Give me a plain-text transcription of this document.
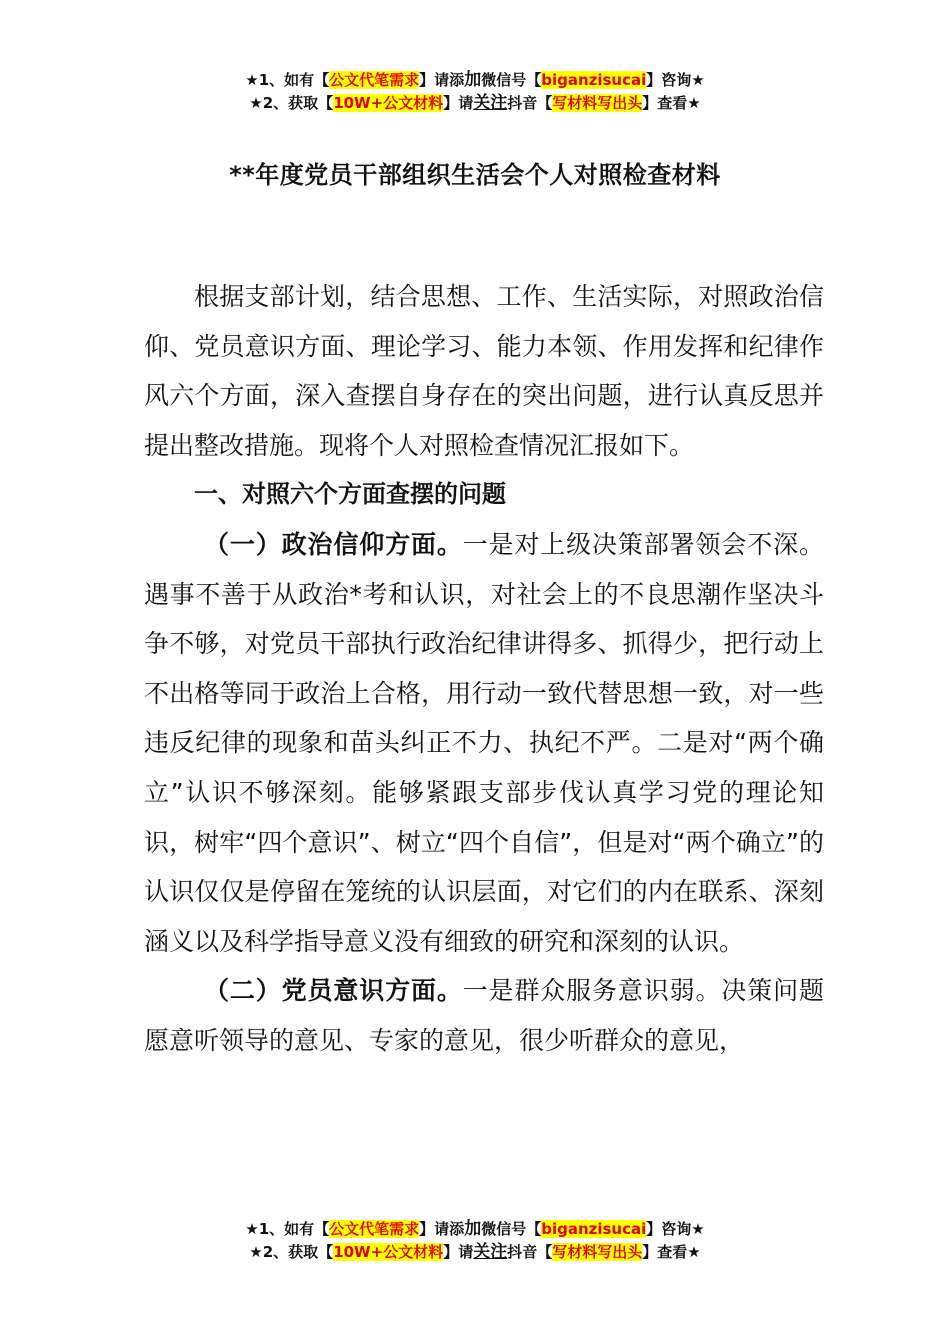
★1、如有【公文代笔需求】请添加微信号【biganzisucai】咨询★
★2、获取【10W+公文材料】请关注抖音【写材料写出头】查看★
**年度党员干部组织生活会个人对照检查材料

根据支部计划，结合思想、工作、生活实际，对照政治信仰、党员意识方面、理论学习、能力本领、作用发挥和纪律作风六个方面，深入查摆自身存在的突出问题，进行认真反思并提出整改措施。现将个人对照检查情况汇报如下。

一、对照六个方面查摆的问题

（一）政治信仰方面。一是对上级决策部署领会不深。遇事不善于从政治*考和认识，对社会上的不良思潮作坚决斗争不够，对党员干部执行政治纪律讲得多、抓得少，把行动上不出格等同于政治上合格，用行动一致代替思想一致，对一些违反纪律的现象和苗头纠正不力、执纪不严。二是对“两个确立”认识不够深刻。能够紧跟支部步伐认真学习党的理论知识，树牢“四个意识”、树立“四个自信”，但是对“两个确立”的认识仅仅是停留在笼统的认识层面，对它们的内在联系、深刻涵义以及科学指导意义没有细致的研究和深刻的认识。

（二）党员意识方面。一是群众服务意识弱。决策问题愿意听领导的意见、专家的意见，很少听群众的意见，

★1、如有【公文代笔需求】请添加微信号【biganzisucai】咨询★
★2、获取【10W+公文材料】请关注抖音【写材料写出头】查看★
